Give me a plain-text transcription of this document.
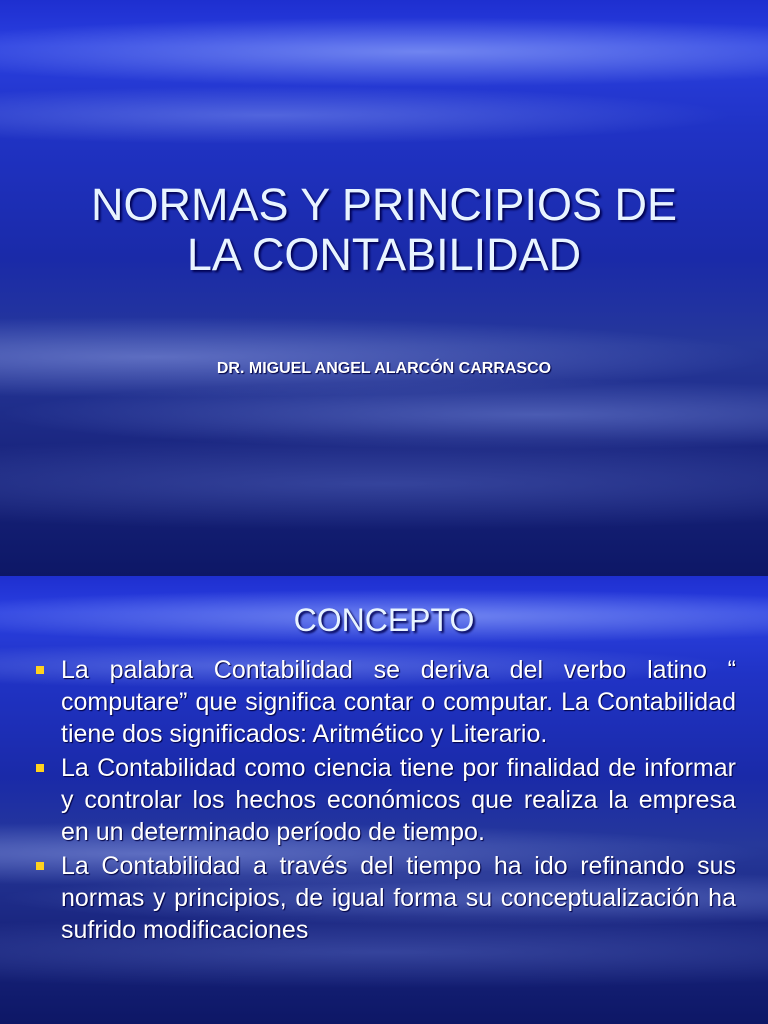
NORMAS Y PRINCIPIOS DE
LA CONTABILIDAD
DR. MIGUEL ANGEL ALARCÓN CARRASCO
CONCEPTO
La palabra Contabilidad se deriva del verbo latino “ computare” que significa contar o computar. La Contabilidad tiene dos significados: Aritmético y Literario.
La Contabilidad como ciencia tiene por finalidad de informar y controlar los hechos económicos que realiza la empresa en un determinado período de tiempo.
La Contabilidad a través del tiempo ha ido refinando sus normas y principios, de igual forma su conceptualización ha sufrido modificaciones
